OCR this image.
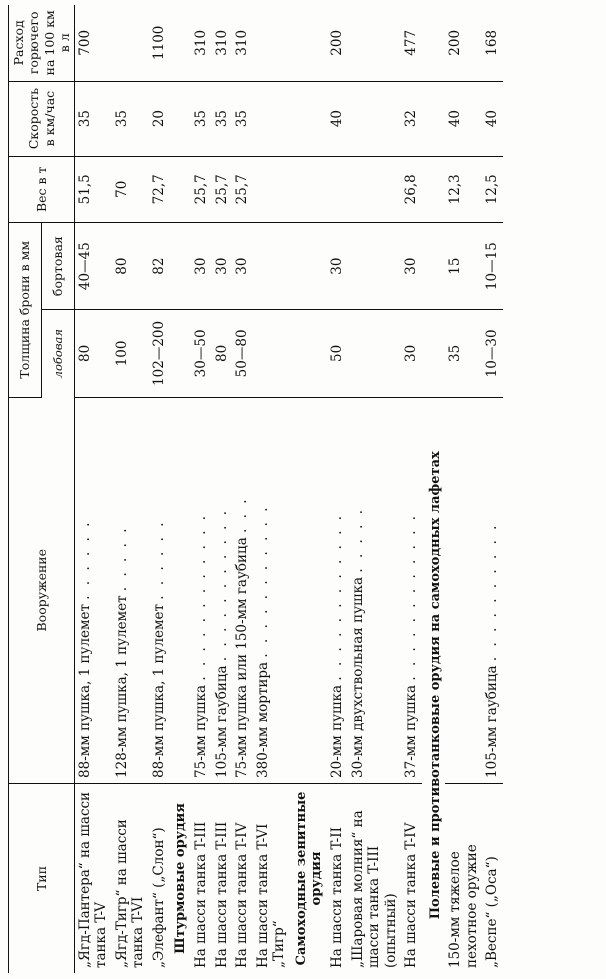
Тип	Вооружение	Толщина брони в мм		Вес в т	Скорость в км/час	Расход горючего на 100 км в л
		лобовая	бортовая			
„Ягд-Пантера“ на шасси танка T-V	88-мм пушка, 1 пулемет . . . . . .	80	40—45	51,5	35	700
„Ягд-Тигр“ на шасси танка T-VI	128-мм пушка, 1 пулемет . . . . .	100	80	70	35	
„Элефант“ („Слон“)	88-мм пушка, 1 пулемет . . . . . .	102—200	82	72,7	20	1100
Штурмовые орудия						
На шасси танка T-III	75-мм пушка . . . . . . . . . . . .	30—50	30	25,7	35	310
На шасси танка T-III	105-мм гаубица . . . . . . . . . . .	80	30	25,7	35	310
На шасси танка T-IV	75-мм пушка или 150-мм гаубица . . .	50—80	30	25,7	35	310
На шасси танка T-VI „Тигр“	380-мм мортира . . . . . . . . . . .					
Самоходные зенитные орудия						
На шасси танка T-II	20-мм пушка . . . . . . . . . . . .	50	30		40	200
„Шаровая молния“ на шасси танка T-III (опытный)	30-мм двухствольная пушка . . . . .					
На шасси танка T-IV	37-мм пушка . . . . . . . . . . . .	30	30	26,8	32	477
Полевые и противотанковые орудия на самоходных лафетах						
150-мм тяжелое пехотное оружие		35	15	12,3	40	200
„Веспе“ („Оса“)	105-мм гаубица . . . . . . . . . .	10—30	10—15	12,5	40	168
